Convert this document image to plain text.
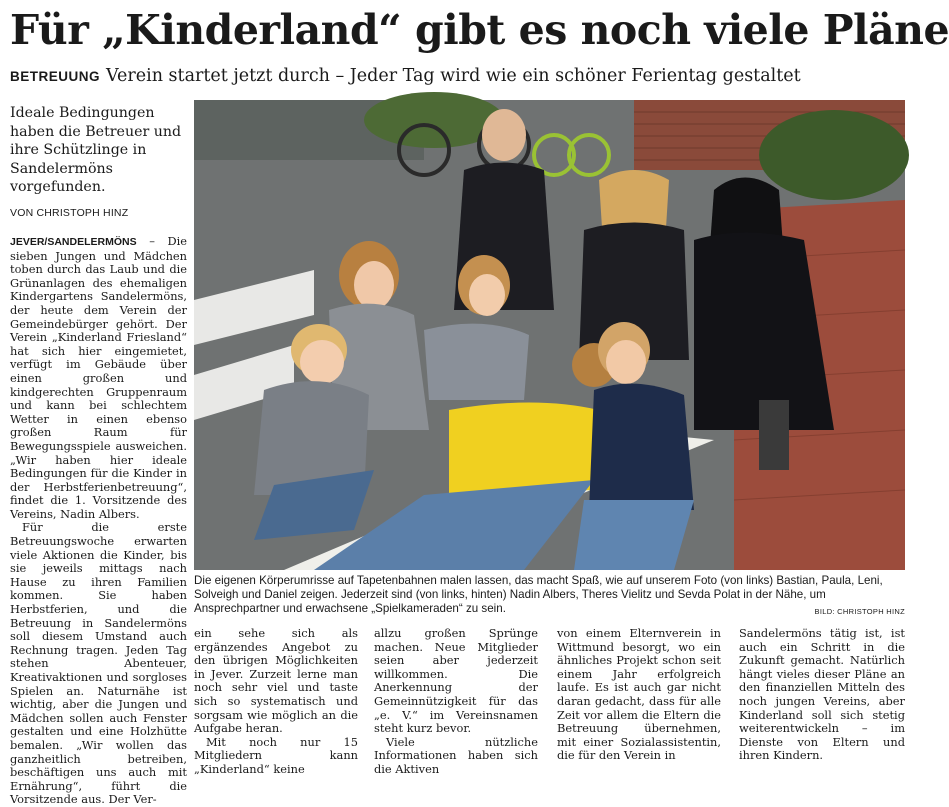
Für „Kinderland“ gibt es noch viele Pläne
BETREUUNG Verein startet jetzt durch – Jeder Tag wird wie ein schöner Ferientag gestaltet
Ideale Bedingungen haben die Betreuer und ihre Schützlinge in Sandelermöns vorgefunden.
VON CHRISTOPH HINZ

JEVER/SANDELERMÖNS – Die sieben Jungen und Mädchen toben durch das Laub und die Grünanlagen des ehemaligen Kindergartens Sandelermöns, der heute dem Verein der Gemeindebürger gehört. Der Verein „Kinderland Friesland“ hat sich hier eingemietet, verfügt im Gebäude über einen großen und kindgerechten Gruppenraum und kann bei schlechtem Wetter in einen ebenso großen Raum für Bewegungsspiele ausweichen. „Wir haben hier ideale Bedingungen für die Kinder in der Herbstferienbetreuung“, findet die 1. Vorsitzende des Vereins, Nadin Albers.

Für die erste Betreuungswoche erwarten viele Aktionen die Kinder, bis sie jeweils mittags nach Hause zu ihren Familien kommen. Sie haben Herbstferien, und die Betreuung in Sandelermöns soll diesem Umstand auch Rechnung tragen. Jeden Tag stehen Abenteuer, Kreativaktionen und sorgloses Spielen an. Naturnähe ist wichtig, aber die Jungen und Mädchen sollen auch Fenster gestalten und eine Holzhütte bemalen. „Wir wollen das ganzheitlich betreiben, beschäftigen uns auch mit Ernährung“, führt die Vorsitzende aus. Der Ver-

Die eigenen Körperumrisse auf Tapetenbahnen malen lassen, das macht Spaß, wie auf unserem Foto (von links) Bastian, Paula, Leni, Solveigh und Daniel zeigen. Jederzeit sind (von links, hinten) Nadin Albers, Theres Vielitz und Sevda Polat in der Nähe, um Ansprechpartner und erwachsene „Spielkameraden“ zu sein.	BILD: CHRISTOPH HINZ

ein sehe sich als ergänzendes Angebot zu den übrigen Möglichkeiten in Jever. Zurzeit lerne man noch sehr viel und taste sich so systematisch und sorgsam wie möglich an die Aufgabe heran.

Mit noch nur 15 Mitgliedern kann „Kinderland“ keine

allzu großen Sprünge machen. Neue Mitglieder seien aber jederzeit willkommen. Die Anerkennung der Gemeinnützigkeit für das „e. V.“ im Vereinsnamen steht kurz bevor.

Viele nützliche Informationen haben sich die Aktiven

von einem Elternverein in Wittmund besorgt, wo ein ähnliches Projekt schon seit einem Jahr erfolgreich laufe. Es ist auch gar nicht daran gedacht, dass für alle Zeit vor allem die Eltern die Betreuung übernehmen, mit einer Sozialassistentin, die für den Verein in

Sandelermöns tätig ist, ist auch ein Schritt in die Zukunft gemacht. Natürlich hängt vieles dieser Pläne an den finanziellen Mitteln des noch jungen Vereins, aber Kinderland soll sich stetig weiterentwickeln – im Dienste von Eltern und ihren Kindern.
